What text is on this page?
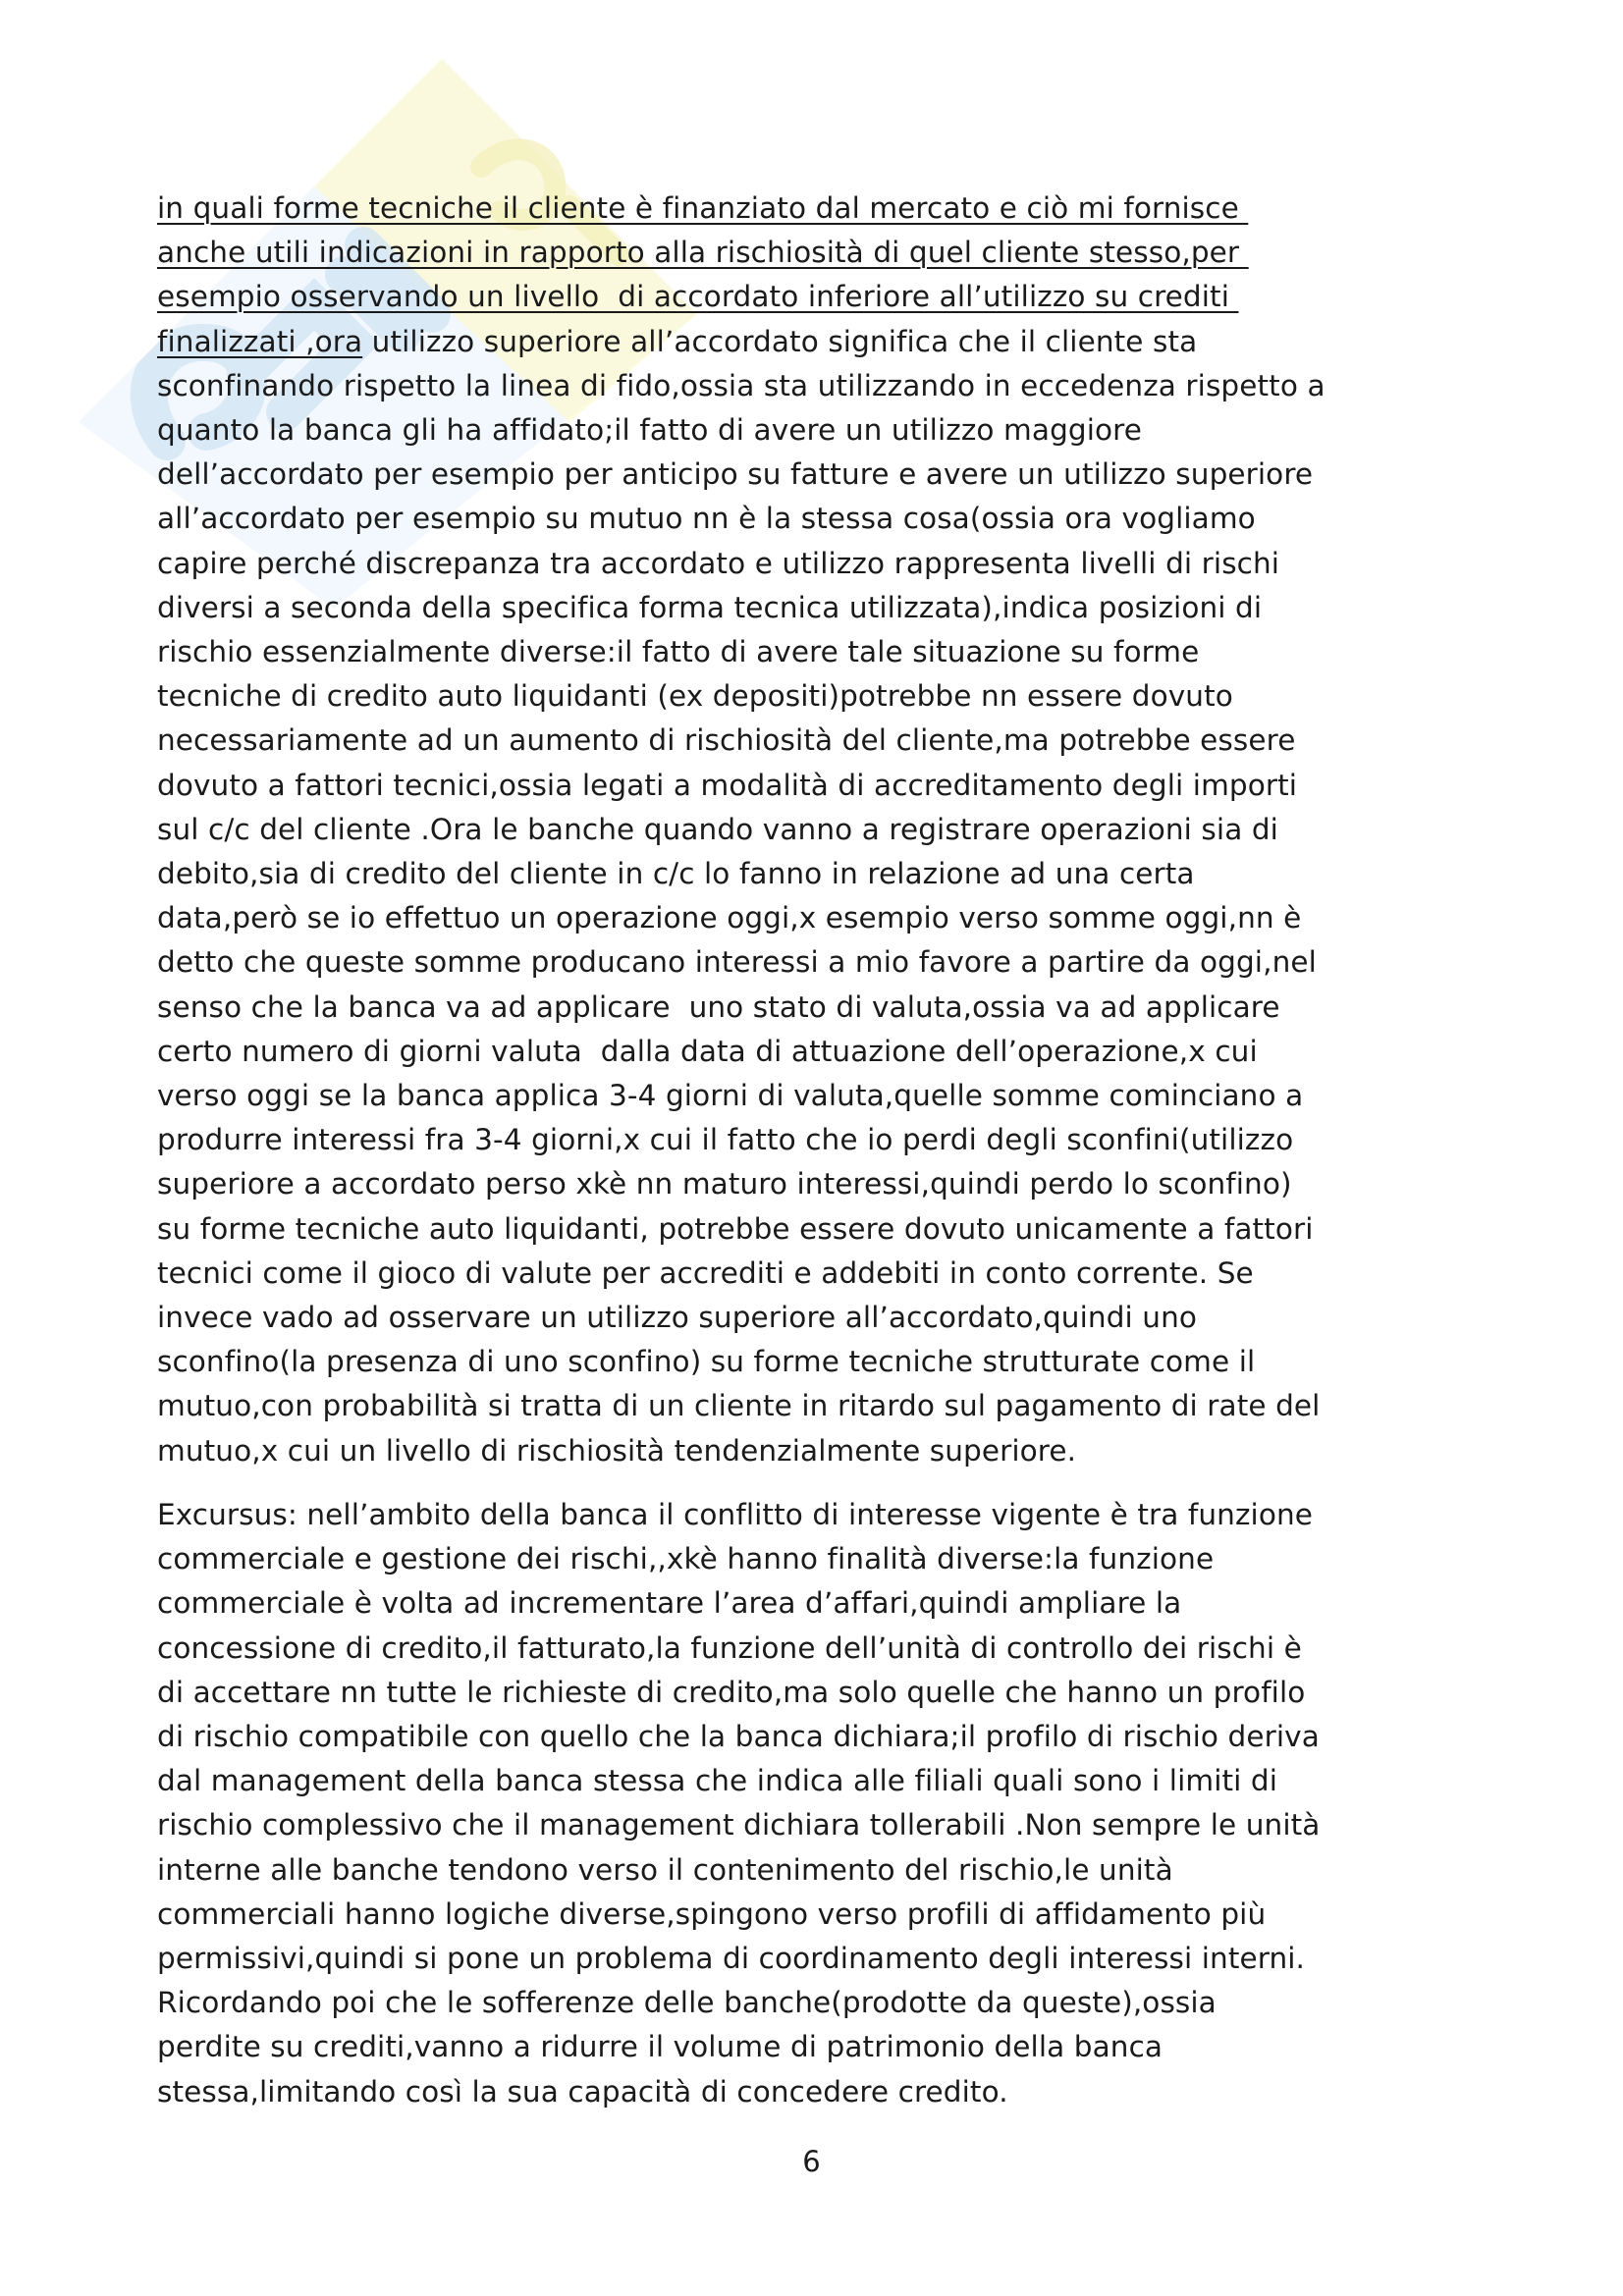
in quali forme tecniche il cliente è finanziato dal mercato e ciò mi fornisce
anche utili indicazioni in rapporto alla rischiosità di quel cliente stesso,per
esempio osservando un livello  di accordato inferiore all’utilizzo su crediti
finalizzati ,ora utilizzo superiore all’accordato significa che il cliente sta
sconfinando rispetto la linea di fido,ossia sta utilizzando in eccedenza rispetto a
quanto la banca gli ha affidato;il fatto di avere un utilizzo maggiore
dell’accordato per esempio per anticipo su fatture e avere un utilizzo superiore
all’accordato per esempio su mutuo nn è la stessa cosa(ossia ora vogliamo
capire perché discrepanza tra accordato e utilizzo rappresenta livelli di rischi
diversi a seconda della specifica forma tecnica utilizzata),indica posizioni di
rischio essenzialmente diverse:il fatto di avere tale situazione su forme
tecniche di credito auto liquidanti (ex depositi)potrebbe nn essere dovuto
necessariamente ad un aumento di rischiosità del cliente,ma potrebbe essere
dovuto a fattori tecnici,ossia legati a modalità di accreditamento degli importi
sul c/c del cliente .Ora le banche quando vanno a registrare operazioni sia di
debito,sia di credito del cliente in c/c lo fanno in relazione ad una certa
data,però se io effettuo un operazione oggi,x esempio verso somme oggi,nn è
detto che queste somme producano interessi a mio favore a partire da oggi,nel
senso che la banca va ad applicare  uno stato di valuta,ossia va ad applicare
certo numero di giorni valuta  dalla data di attuazione dell’operazione,x cui
verso oggi se la banca applica 3-4 giorni di valuta,quelle somme cominciano a
produrre interessi fra 3-4 giorni,x cui il fatto che io perdi degli sconfini(utilizzo
superiore a accordato perso xkè nn maturo interessi,quindi perdo lo sconfino)
su forme tecniche auto liquidanti, potrebbe essere dovuto unicamente a fattori
tecnici come il gioco di valute per accrediti e addebiti in conto corrente. Se
invece vado ad osservare un utilizzo superiore all’accordato,quindi uno
sconfino(la presenza di uno sconfino) su forme tecniche strutturate come il
mutuo,con probabilità si tratta di un cliente in ritardo sul pagamento di rate del
mutuo,x cui un livello di rischiosità tendenzialmente superiore.

Excursus: nell’ambito della banca il conflitto di interesse vigente è tra funzione
commerciale e gestione dei rischi,,xkè hanno finalità diverse:la funzione
commerciale è volta ad incrementare l’area d’affari,quindi ampliare la
concessione di credito,il fatturato,la funzione dell’unità di controllo dei rischi è
di accettare nn tutte le richieste di credito,ma solo quelle che hanno un profilo
di rischio compatibile con quello che la banca dichiara;il profilo di rischio deriva
dal management della banca stessa che indica alle filiali quali sono i limiti di
rischio complessivo che il management dichiara tollerabili .Non sempre le unità
interne alle banche tendono verso il contenimento del rischio,le unità
commerciali hanno logiche diverse,spingono verso profili di affidamento più
permissivi,quindi si pone un problema di coordinamento degli interessi interni.
Ricordando poi che le sofferenze delle banche(prodotte da queste),ossia
perdite su crediti,vanno a ridurre il volume di patrimonio della banca
stessa,limitando così la sua capacità di concedere credito.

6
